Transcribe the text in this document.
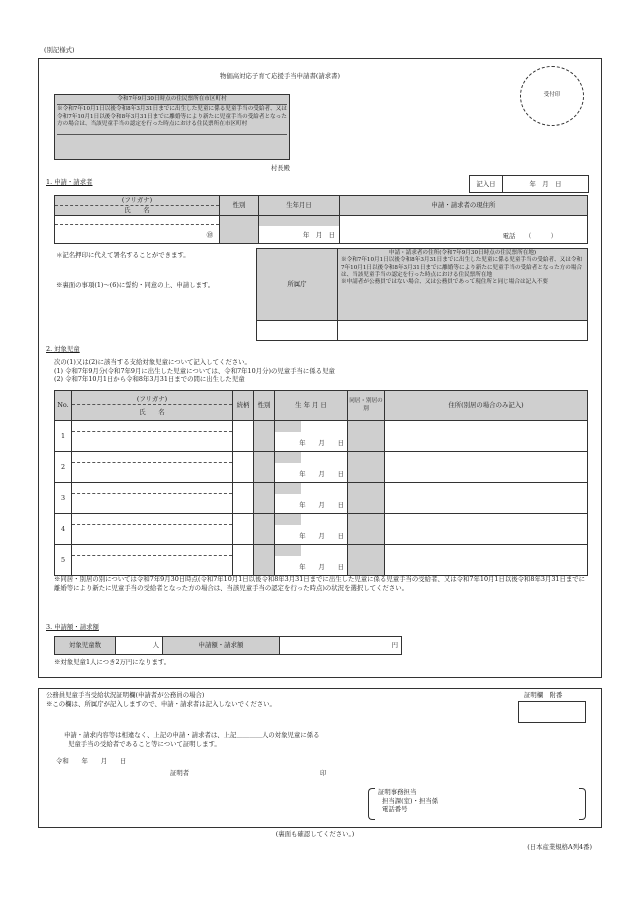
(別記様式)
物価高対応子育て応援手当申請書(請求書)
令和7年9月30日時点の住民票所在市区町村
※令和7年10月1日以後令和8年3月31日までに出生した児童に係る児童手当の受給者、又は令和7年10月1日以後令和8年3月31日までに離婚等により新たに児童手当の受給者となった方の場合は、当該児童手当の認定を行った時点における住民票所在市区町村
村長殿
受付印
1. 申請・請求者	記入日	年　月　日
(フリガナ)
氏　　名	性別	生年月日	申請・請求者の現住所

㊞		年　月　日	電話　　（　　　）
＊記名押印に代えて署名することができます。
※裏面の事項(1)～(6)に誓約・同意の上、申請します。	所属庁	申請・請求者の住所(令和7年9月30日時点の住民票所在地)
※令和7年10月1日以後令和8年3月31日までに出生した児童に係る児童手当の受給者、又は令和7年10月1日以後令和8年3月31日までに離婚等により新たに児童手当の受給者となった方の場合は、当該児童手当の認定を行った時点における住民票所在地
※申請者が公務員ではない場合、又は公務員であって現住所と同じ場合は記入不要

2. 対象児童
次の(1)又は(2)に該当する支給対象児童について記入してください。
(1) 令和7年9月分(令和7年9月に出生した児童については、令和7年10月分)の児童手当に係る児童
(2) 令和7年10月1日から令和8年3月31日までの間に出生した児童
No.	(フリガナ)
氏　　名	続柄	性別	生 年 月 日	同居・別居の別	住所(別居の場合のみ記入)
1				年　　月　　日		

2				年　　月　　日		

3				年　　月　　日		

4				年　　月　　日		

5				年　　月　　日		

※同居・別居の別については令和7年9月30日時点(令和7年10月1日以後令和8年3月31日までに出生した児童に係る児童手当の受給者、又は令和7年10月1日以後令和8年3月31日までに離婚等により新たに児童手当の受給者となった方の場合は、当該児童手当の認定を行った時点)の状況を選択してください。
3. 申請額・請求額
対象児童数	人	申請額・請求額	円
※対象児童1人につき2万円になります。
公務員児童手当受給状況証明欄(申請者が公務員の場合)
※この欄は、所属庁が記入しますので、申請・請求者は記入しないでください。
証明欄　附番
申請・請求内容等は相違なく、上記の申請・請求者は、上記＿＿＿＿人の対象児童に係る
児童手当の受給者であること等について証明します。
令和　　年　　月　　日
証明者	印
証明事務担当
担当課(室)・担当係
電話番号
(裏面も確認してください。)
(日本産業規格A列4番)
